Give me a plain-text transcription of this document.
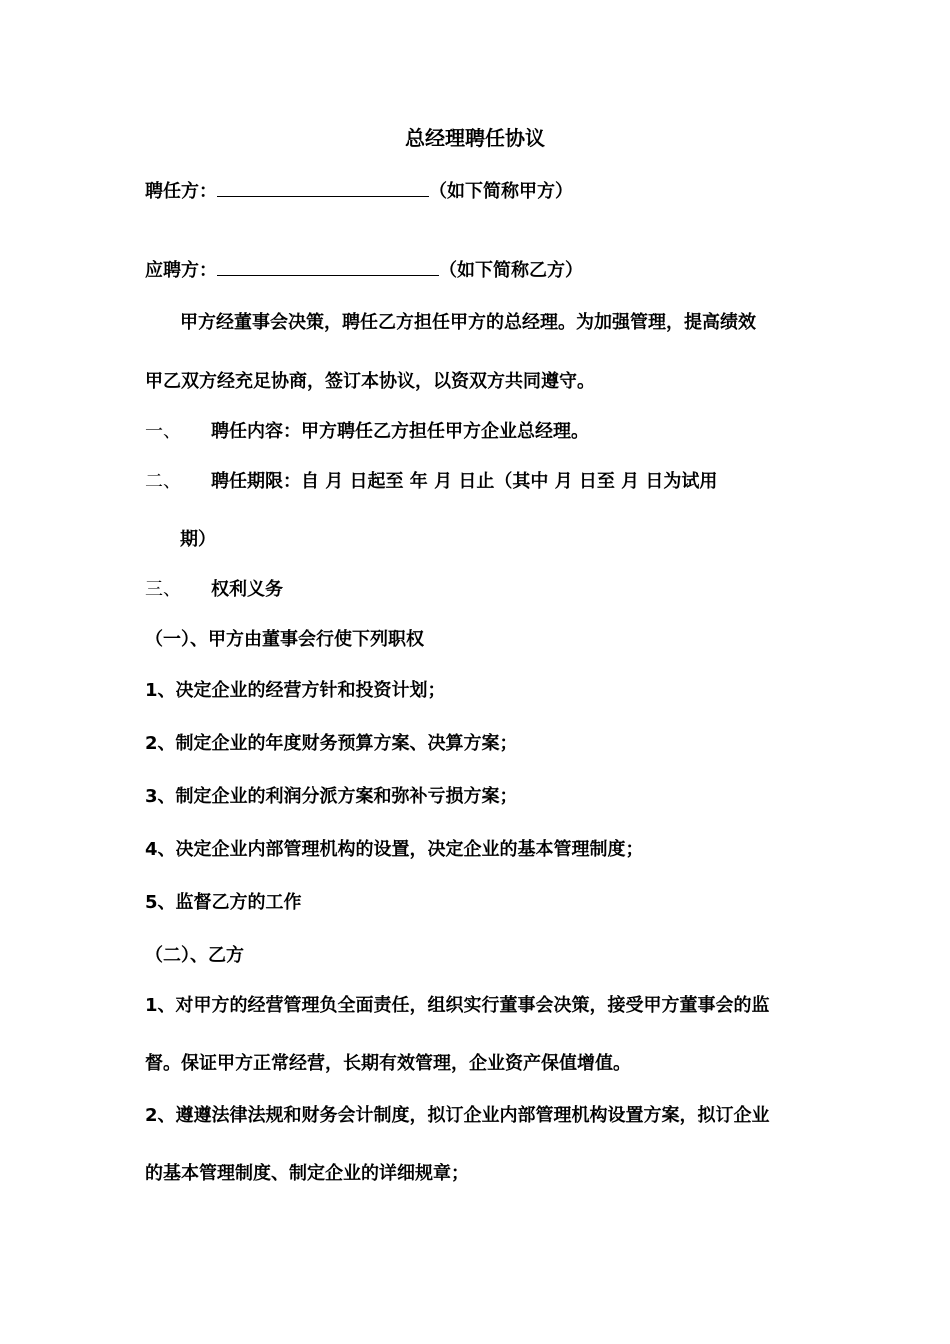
总经理聘任协议
聘任方：	（如下简称甲方）
应聘方：	（如下简称乙方）
甲方经董事会决策，聘任乙方担任甲方的总经理。为加强管理，提高绩效
甲乙双方经充足协商，签订本协议，以资双方共同遵守。
一、 聘任内容：甲方聘任乙方担任甲方企业总经理。
二、 聘任期限：自 月 日起至 年 月 日止（其中 月 日至 月 日为试用
期）
三、 权利义务
（一）、甲方由董事会行使下列职权
1、决定企业的经营方针和投资计划；
2、制定企业的年度财务预算方案、决算方案；
3、制定企业的利润分派方案和弥补亏损方案；
4、决定企业内部管理机构的设置，决定企业的基本管理制度；
5、监督乙方的工作
（二）、乙方
1、对甲方的经营管理负全面责任，组织实行董事会决策，接受甲方董事会的监
督。保证甲方正常经营，长期有效管理，企业资产保值增值。
2、遵遵法律法规和财务会计制度，拟订企业内部管理机构设置方案，拟订企业
的基本管理制度、制定企业的详细规章；
